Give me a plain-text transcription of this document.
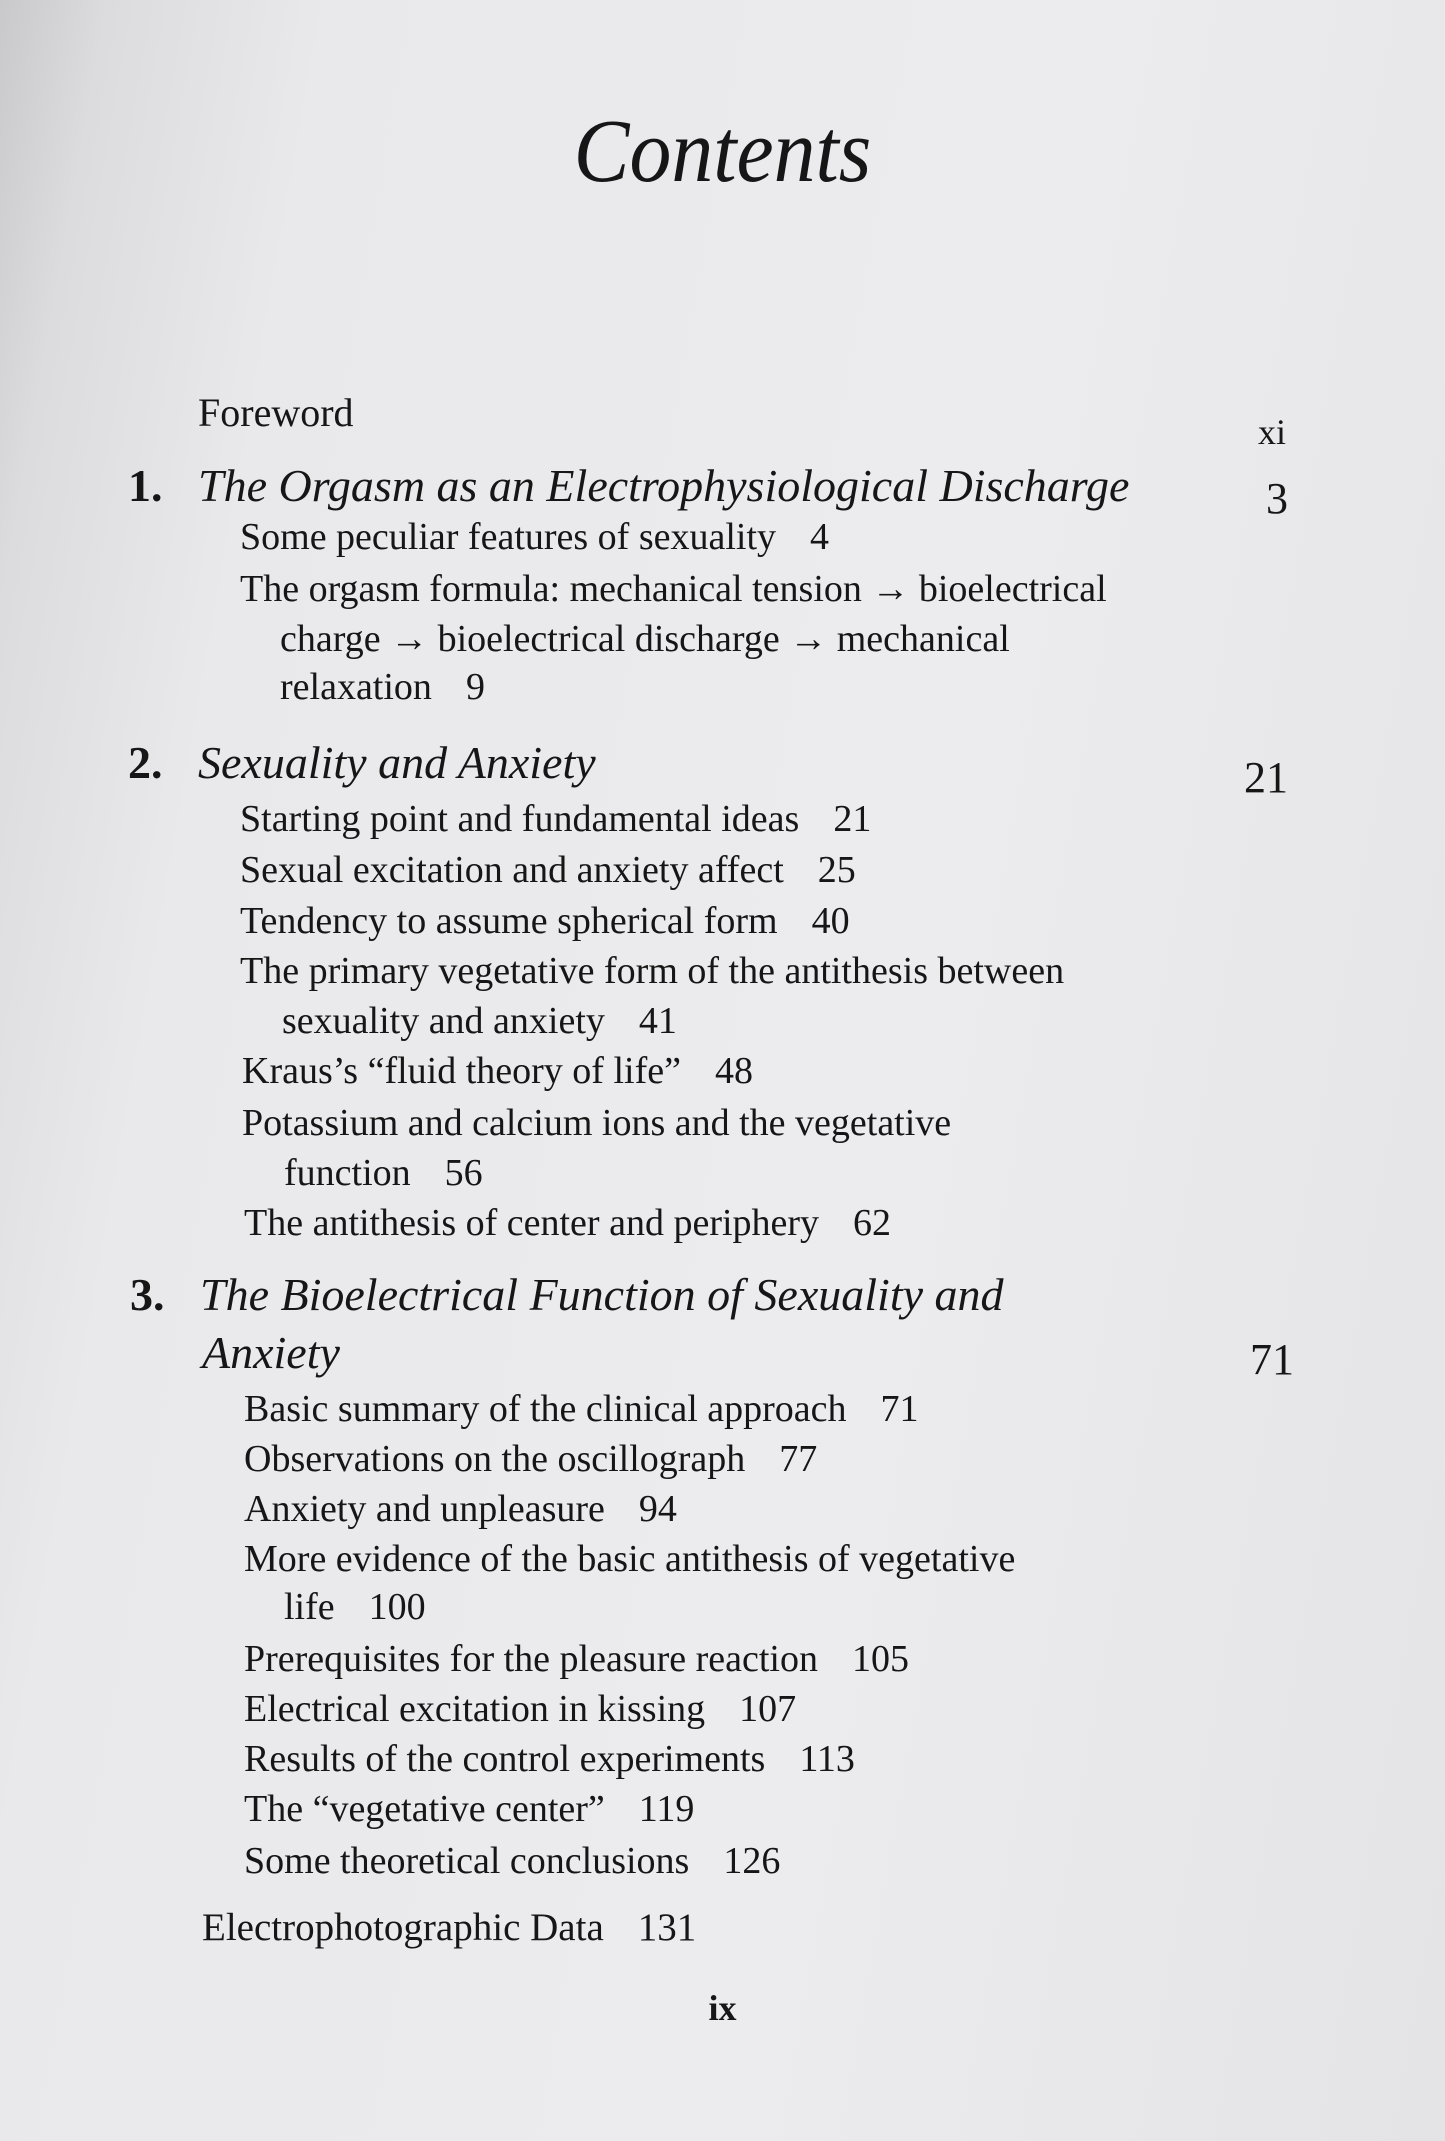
Contents
Foreword	xi
1. The Orgasm as an Electrophysiological Discharge	3
Some peculiar features of sexuality 4
The orgasm formula: mechanical tension → bioelectrical
charge → bioelectrical discharge → mechanical
relaxation 9
2. Sexuality and Anxiety	21
Starting point and fundamental ideas 21
Sexual excitation and anxiety affect 25
Tendency to assume spherical form 40
The primary vegetative form of the antithesis between
sexuality and anxiety 41
Kraus’s “fluid theory of life” 48
Potassium and calcium ions and the vegetative
function 56
The antithesis of center and periphery 62
3. The Bioelectrical Function of Sexuality and
Anxiety	71
Basic summary of the clinical approach 71
Observations on the oscillograph 77
Anxiety and unpleasure 94
More evidence of the basic antithesis of vegetative
life 100
Prerequisites for the pleasure reaction 105
Electrical excitation in kissing 107
Results of the control experiments 113
The “vegetative center” 119
Some theoretical conclusions 126
Electrophotographic Data 131
ix
